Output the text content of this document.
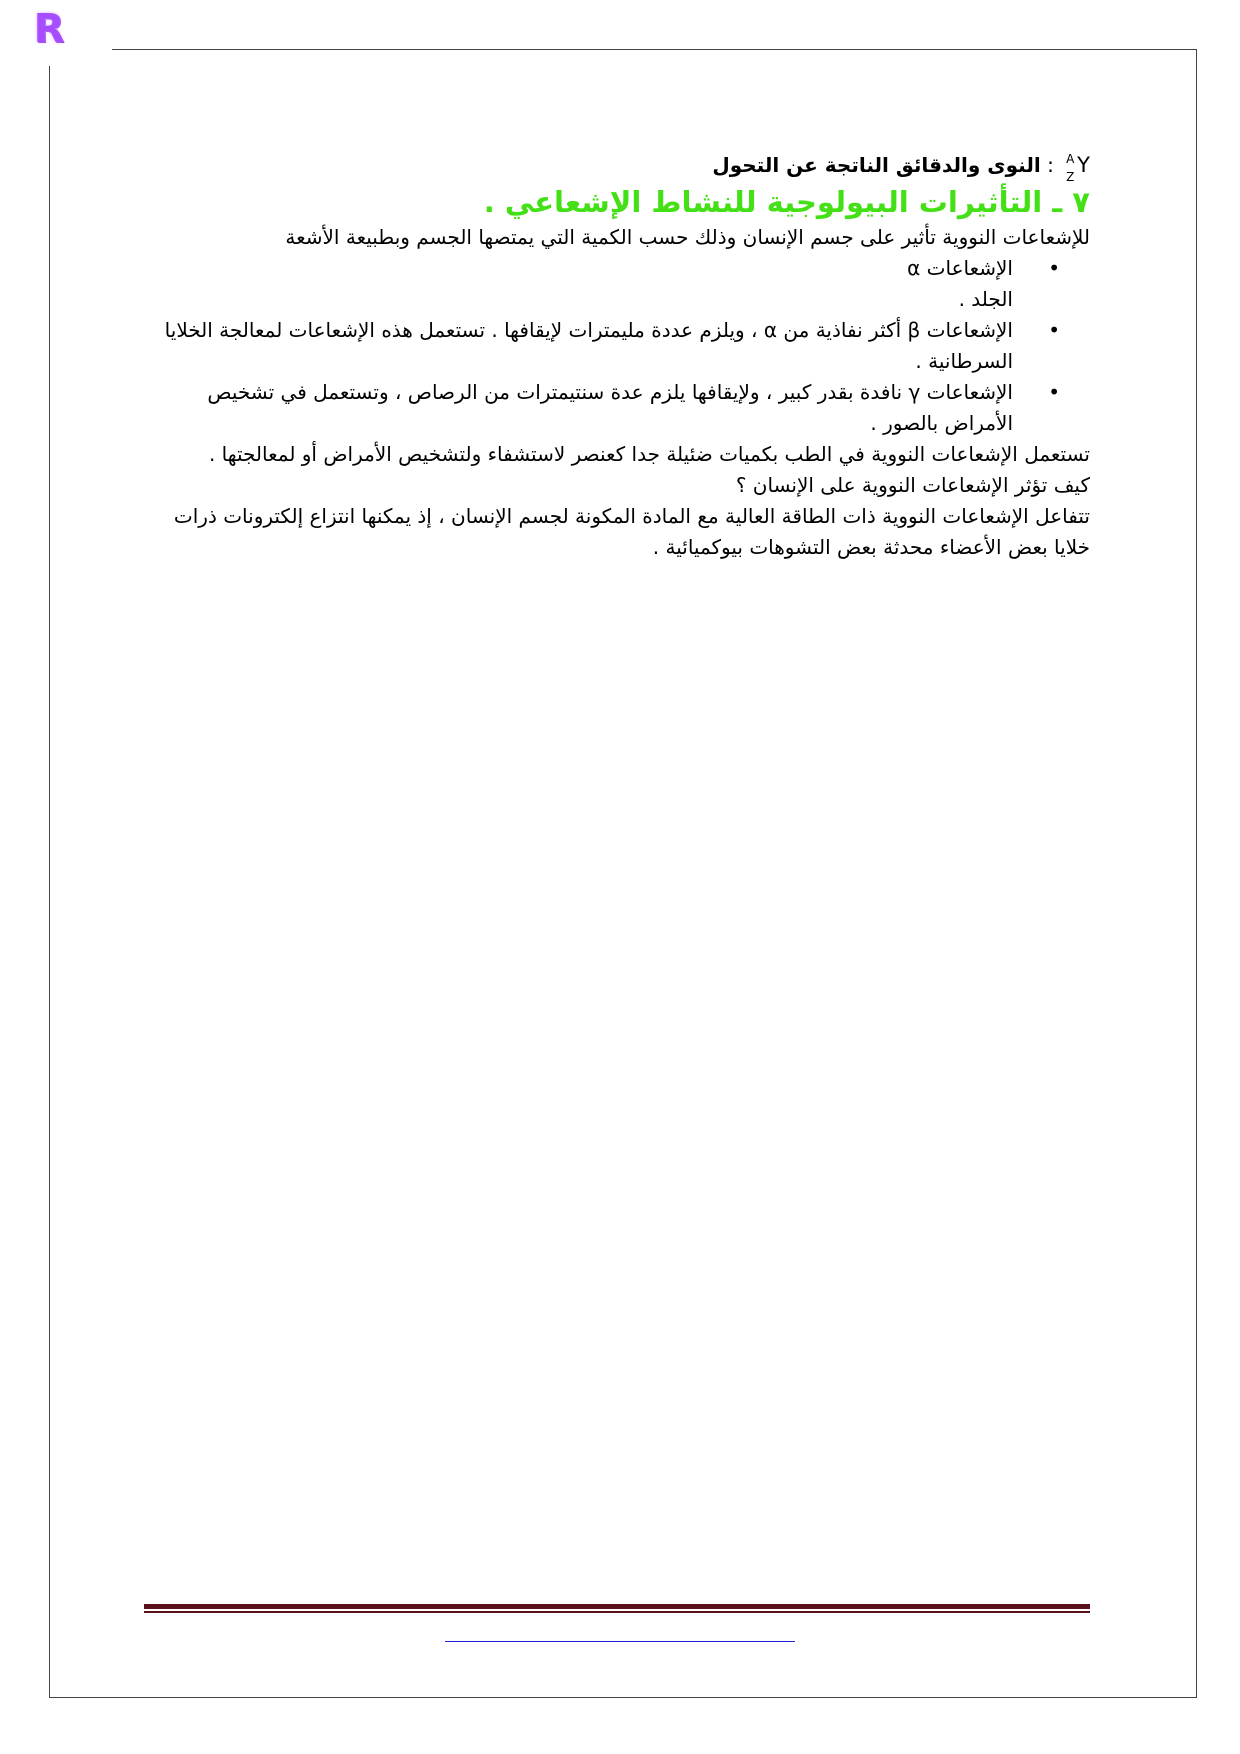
R
A
Z Y : النوى والدقائق الناتجة عن التحول
٧ ـ التأثيرات البيولوجية للنشاط الإشعاعي .
للإشعاعات النووية تأثير على جسم الإنسان وذلك حسب الكمية التي يمتصها الجسم وبطبيعة الأشعة
• الإشعاعات α
الجلد .
• الإشعاعات β أكثر نفاذية من α ، ويلزم عددة مليمترات لإيقافها . تستعمل هذه الإشعاعات لمعالجة الخلايا السرطانية .
• الإشعاعات γ نافدة بقدر كبير ، ولإيقافها يلزم عدة سنتيمترات من الرصاص ، وتستعمل في تشخيص الأمراض بالصور .
تستعمل الإشعاعات النووية في الطب بكميات ضئيلة جدا كعنصر لاستشفاء ولتشخيص الأمراض أو لمعالجتها .
كيف تؤثر الإشعاعات النووية على الإنسان ؟
تتفاعل الإشعاعات النووية ذات الطاقة العالية مع المادة المكونة لجسم الإنسان ، إذ يمكنها انتزاع إلكترونات ذرات خلايا بعض الأعضاء محدثة بعض التشوهات بيوكميائية .
